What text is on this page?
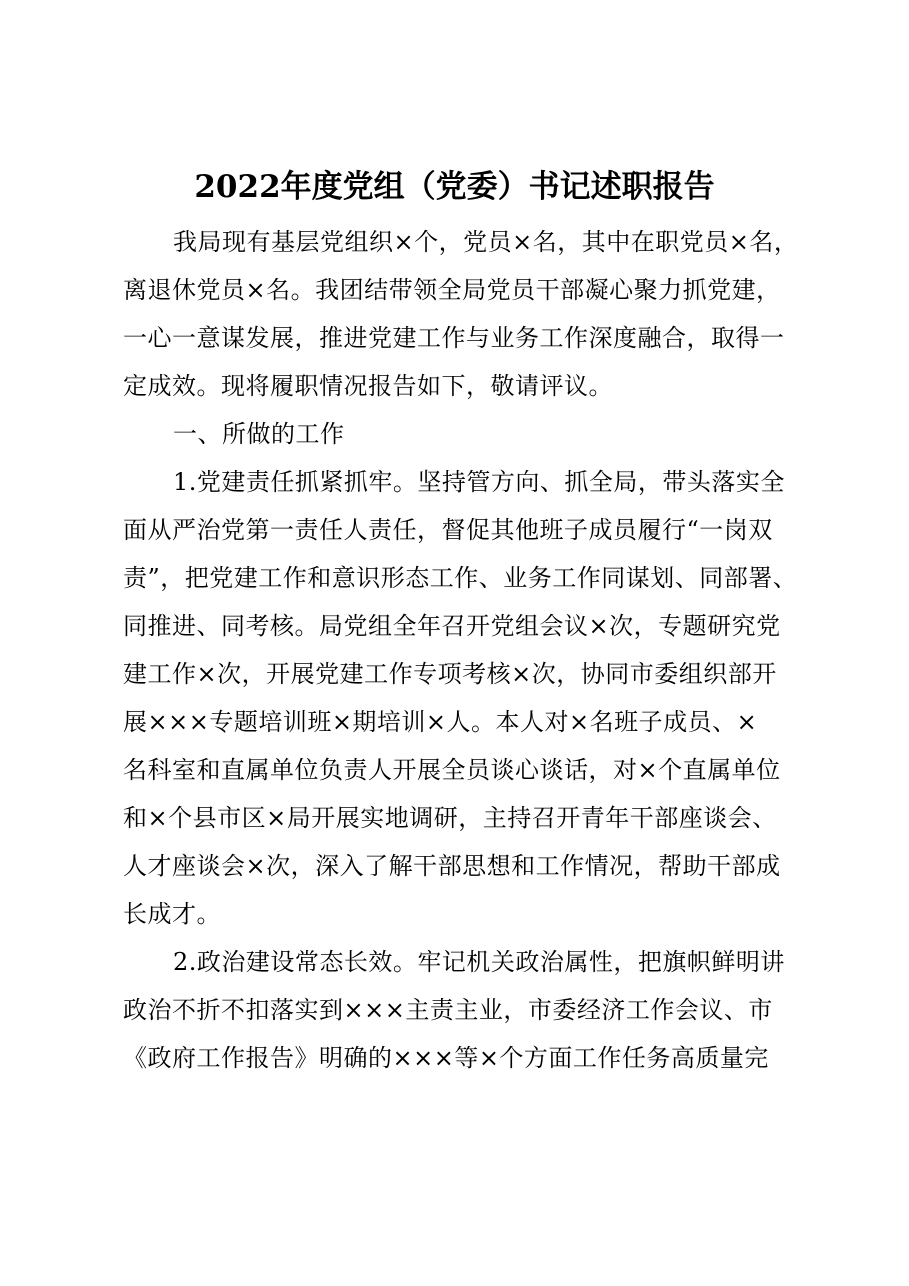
2022年度党组（党委）书记述职报告
我局现有基层党组织×个，党员×名，其中在职党员×名，
离退休党员×名。我团结带领全局党员干部凝心聚力抓党建，
一心一意谋发展，推进党建工作与业务工作深度融合，取得一
定成效。现将履职情况报告如下，敬请评议。
一、所做的工作
1.党建责任抓紧抓牢。坚持管方向、抓全局，带头落实全
面从严治党第一责任人责任，督促其他班子成员履行“一岗双
责”，把党建工作和意识形态工作、业务工作同谋划、同部署、
同推进、同考核。局党组全年召开党组会议×次，专题研究党
建工作×次，开展党建工作专项考核×次，协同市委组织部开
展×××专题培训班×期培训×人。本人对×名班子成员、×
名科室和直属单位负责人开展全员谈心谈话，对×个直属单位
和×个县市区×局开展实地调研，主持召开青年干部座谈会、
人才座谈会×次，深入了解干部思想和工作情况，帮助干部成
长成才。
2.政治建设常态长效。牢记机关政治属性，把旗帜鲜明讲
政治不折不扣落实到×××主责主业，市委经济工作会议、市
《政府工作报告》明确的×××等×个方面工作任务高质量完
